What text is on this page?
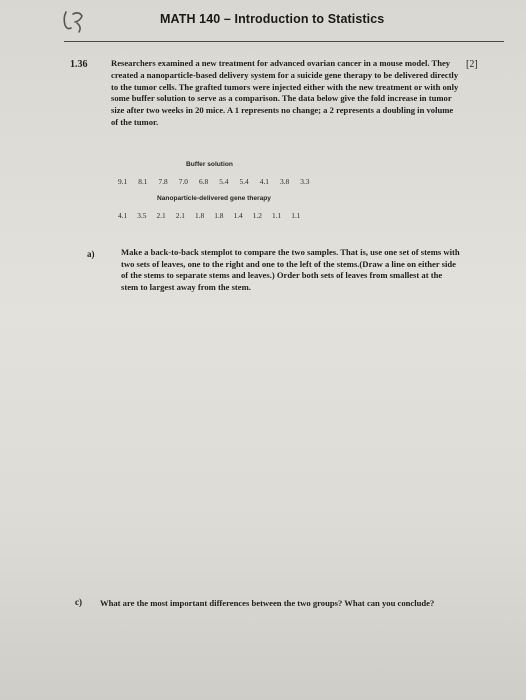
MATH 140 – Introduction to Statistics
1.36	[2]
Researchers examined a new treatment for advanced ovarian cancer in a mouse model. They created a nanoparticle-based delivery system for a suicide gene therapy to be delivered directly to the tumor cells. The grafted tumors were injected either with the new treatment or with only some buffer solution to serve as a comparison. The data below give the fold increase in tumor size after two weeks in 20 mice. A 1 represents no change; a 2 represents a doubling in volume of the tumor.
Buffer solution
9.1 8.1 7.8 7.0 6.8 5.4 5.4 4.1 3.8 3.3
Nanoparticle-delivered gene therapy
4.1 3.5 2.1 2.1 1.8 1.8 1.4 1.2 1.1 1.1
a)	Make a back-to-back stemplot to compare the two samples. That is, use one set of stems with two sets of leaves, one to the right and one to the left of the stems.(Draw a line on either side of the stems to separate stems and leaves.) Order both sets of leaves from smallest at the stem to largest away from the stem.
c) What are the most important differences between the two groups? What can you conclude?
